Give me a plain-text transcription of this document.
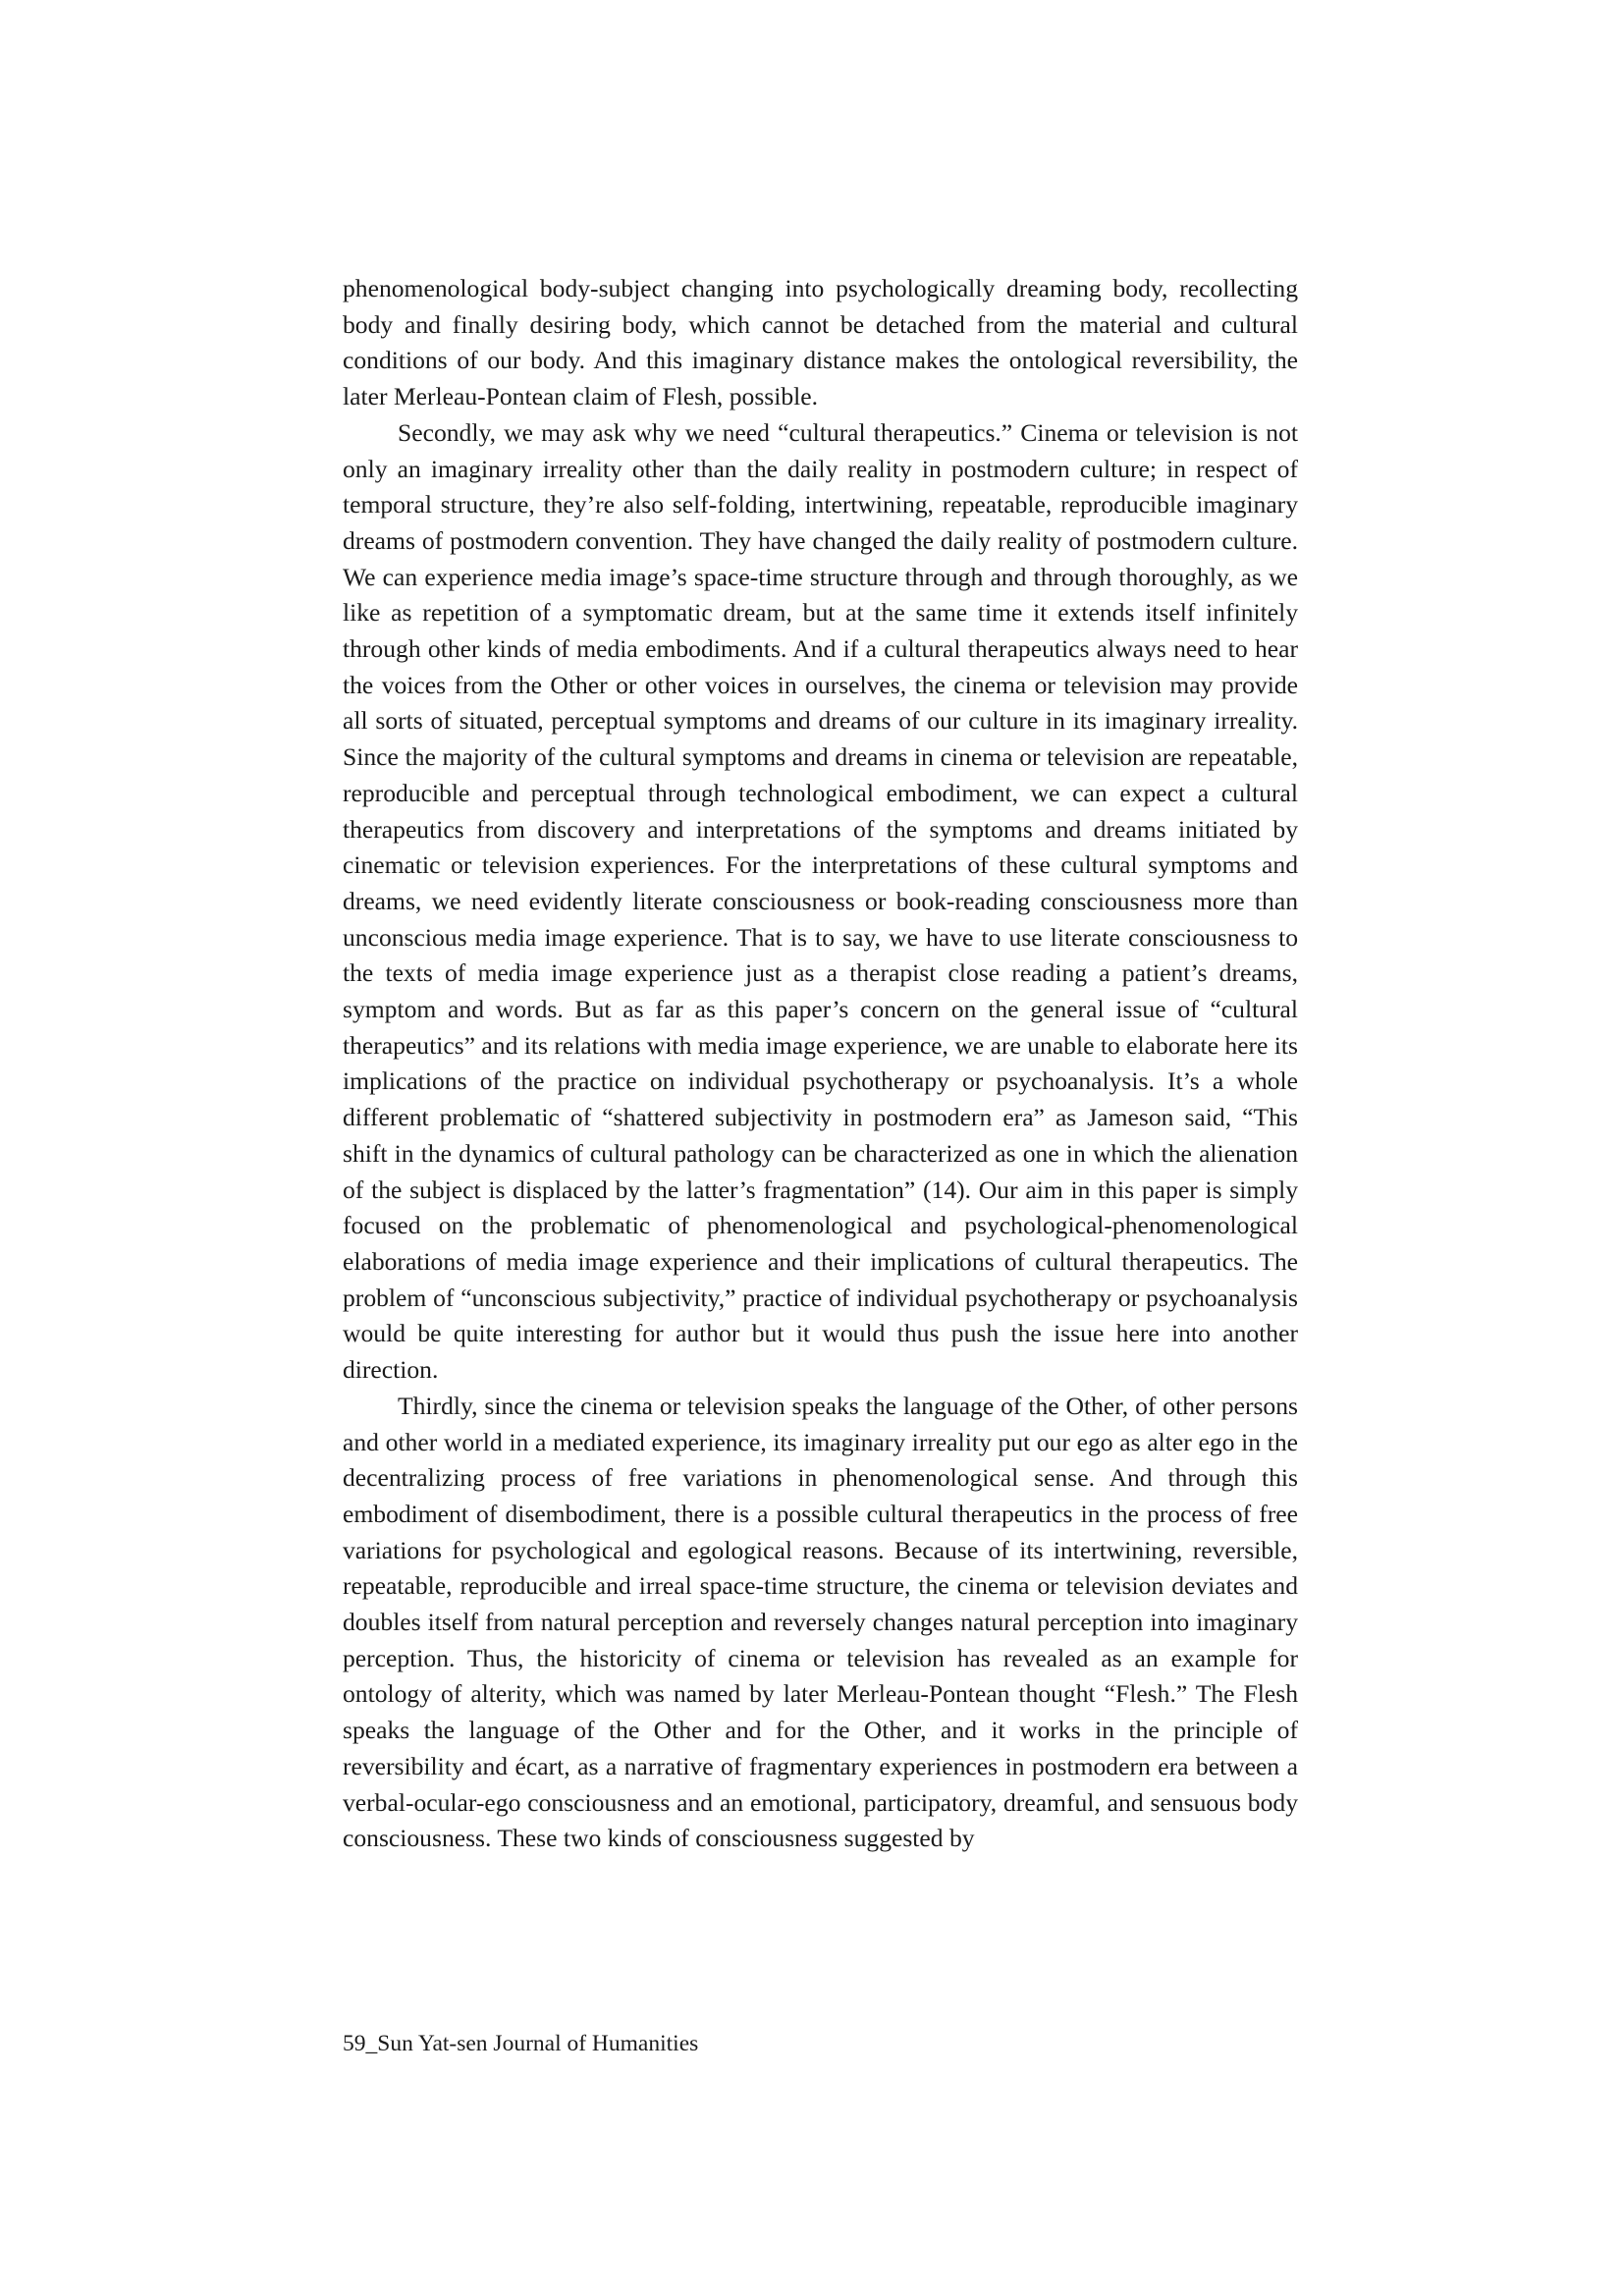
phenomenological body-subject changing into psychologically dreaming body, recollecting body and finally desiring body, which cannot be detached from the material and cultural conditions of our body. And this imaginary distance makes the ontological reversibility, the later Merleau-Pontean claim of Flesh, possible.

Secondly, we may ask why we need “cultural therapeutics.” Cinema or television is not only an imaginary irreality other than the daily reality in postmodern culture; in respect of temporal structure, they’re also self-folding, intertwining, repeatable, reproducible imaginary dreams of postmodern convention. They have changed the daily reality of postmodern culture. We can experience media image’s space-time structure through and through thoroughly, as we like as repetition of a symptomatic dream, but at the same time it extends itself infinitely through other kinds of media embodiments. And if a cultural therapeutics always need to hear the voices from the Other or other voices in ourselves, the cinema or television may provide all sorts of situated, perceptual symptoms and dreams of our culture in its imaginary irreality. Since the majority of the cultural symptoms and dreams in cinema or television are repeatable, reproducible and perceptual through technological embodiment, we can expect a cultural therapeutics from discovery and interpretations of the symptoms and dreams initiated by cinematic or television experiences. For the interpretations of these cultural symptoms and dreams, we need evidently literate consciousness or book-reading consciousness more than unconscious media image experience. That is to say, we have to use literate consciousness to the texts of media image experience just as a therapist close reading a patient’s dreams, symptom and words. But as far as this paper’s concern on the general issue of “cultural therapeutics” and its relations with media image experience, we are unable to elaborate here its implications of the practice on individual psychotherapy or psychoanalysis. It’s a whole different problematic of “shattered subjectivity in postmodern era” as Jameson said, “This shift in the dynamics of cultural pathology can be characterized as one in which the alienation of the subject is displaced by the latter’s fragmentation” (14). Our aim in this paper is simply focused on the problematic of phenomenological and psychological-phenomenological elaborations of media image experience and their implications of cultural therapeutics. The problem of “unconscious subjectivity,” practice of individual psychotherapy or psychoanalysis would be quite interesting for author but it would thus push the issue here into another direction.

Thirdly, since the cinema or television speaks the language of the Other, of other persons and other world in a mediated experience, its imaginary irreality put our ego as alter ego in the decentralizing process of free variations in phenomenological sense. And through this embodiment of disembodiment, there is a possible cultural therapeutics in the process of free variations for psychological and egological reasons. Because of its intertwining, reversible, repeatable, reproducible and irreal space-time structure, the cinema or television deviates and doubles itself from natural perception and reversely changes natural perception into imaginary perception. Thus, the historicity of cinema or television has revealed as an example for ontology of alterity, which was named by later Merleau-Pontean thought “Flesh.” The Flesh speaks the language of the Other and for the Other, and it works in the principle of reversibility and écart, as a narrative of fragmentary experiences in postmodern era between a verbal-ocular-ego consciousness and an emotional, participatory, dreamful, and sensuous body consciousness. These two kinds of consciousness suggested by

59_Sun Yat-sen Journal of Humanities
